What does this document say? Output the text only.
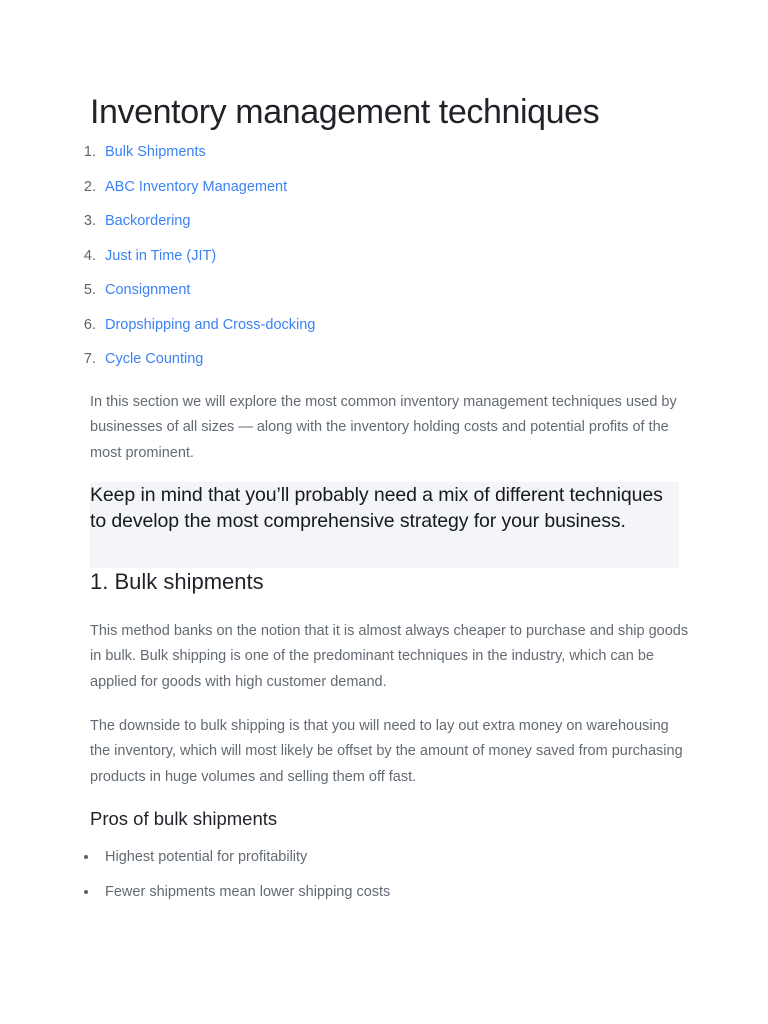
Inventory management techniques
1. Bulk Shipments
2. ABC Inventory Management
3. Backordering
4. Just in Time (JIT)
5. Consignment
6. Dropshipping and Cross-docking
7. Cycle Counting

In this section we will explore the most common inventory management techniques used by businesses of all sizes — along with the inventory holding costs and potential profits of the most prominent.

Keep in mind that you’ll probably need a mix of different techniques to develop the most comprehensive strategy for your business.

1. Bulk shipments

This method banks on the notion that it is almost always cheaper to purchase and ship goods in bulk. Bulk shipping is one of the predominant techniques in the industry, which can be applied for goods with high customer demand.

The downside to bulk shipping is that you will need to lay out extra money on warehousing the inventory, which will most likely be offset by the amount of money saved from purchasing products in huge volumes and selling them off fast.

Pros of bulk shipments
Highest potential for profitability
Fewer shipments mean lower shipping costs
